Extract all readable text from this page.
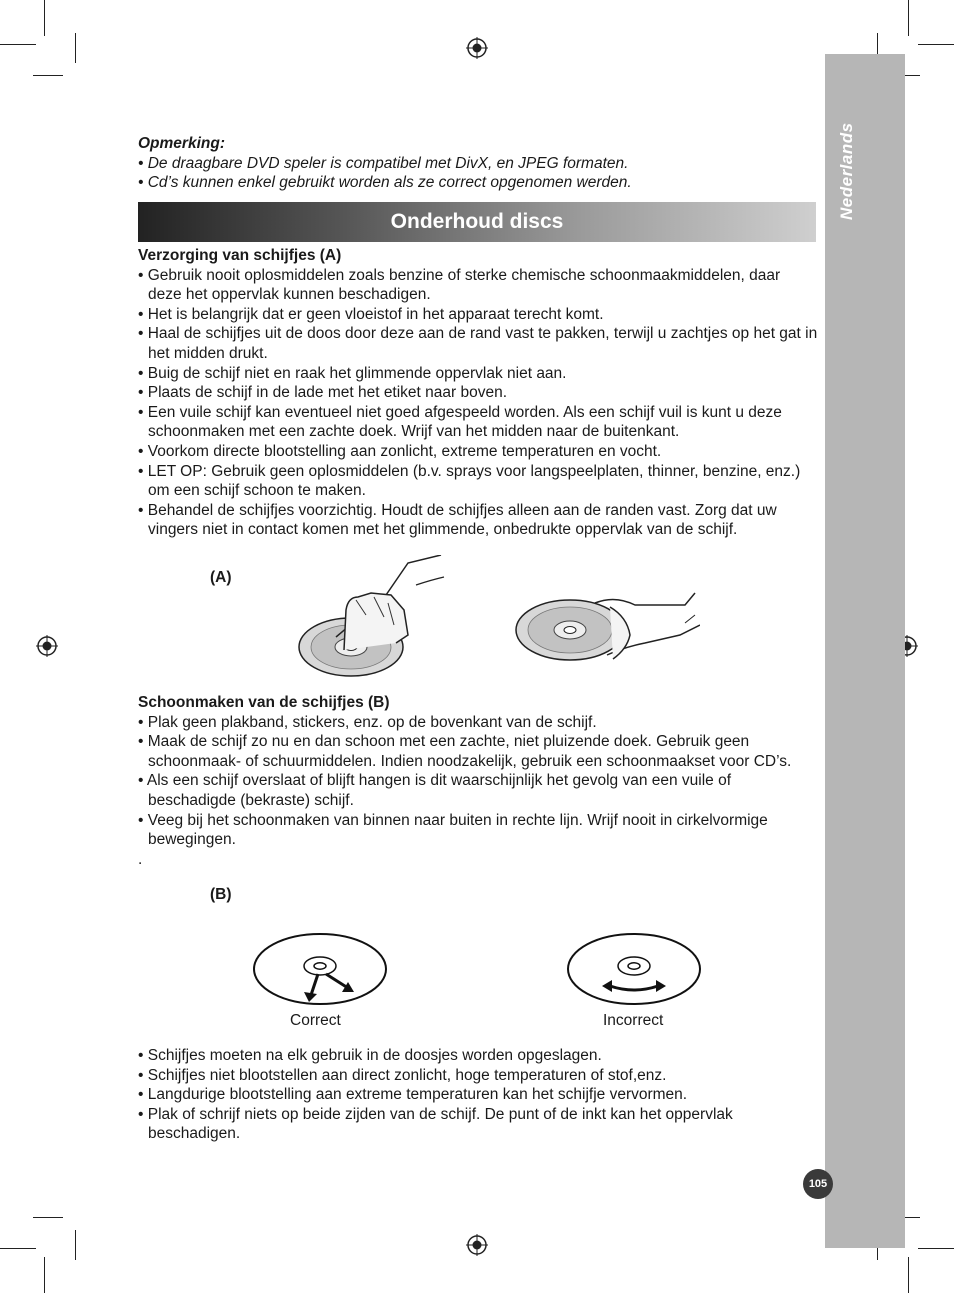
Nederlands
105
Opmerking:
• De draagbare DVD speler is compatibel met DivX, en JPEG formaten.
• Cd’s kunnen enkel gebruikt worden als ze correct opgenomen werden.
Onderhoud discs
Verzorging van schijfjes (A)
• Gebruik nooit oplosmiddelen zoals benzine of sterke chemische schoonmaakmiddelen, daar deze het oppervlak kunnen beschadigen.
• Het is belangrijk dat er geen vloeistof in het apparaat terecht komt.
• Haal de schijfjes uit de doos door deze aan de rand vast te pakken, terwijl u zachtjes op het gat in het midden drukt.
• Buig de schijf niet en raak het glimmende oppervlak niet aan.
• Plaats de schijf in de lade met het etiket naar boven.
• Een vuile schijf kan eventueel niet goed afgespeeld worden. Als een schijf vuil is kunt u deze schoonmaken met een zachte doek. Wrijf van het midden naar de buitenkant.
• Voorkom directe blootstelling aan zonlicht, extreme temperaturen en vocht.
• LET OP: Gebruik geen oplosmiddelen (b.v. sprays voor langspeelplaten, thinner, benzine, enz.) om een schijf schoon te maken.
• Behandel de schijfjes voorzichtig. Houdt de schijfjes alleen aan de randen vast. Zorg dat uw vingers niet in contact komen met het glimmende, onbedrukte oppervlak van de schijf.
(A)
Schoonmaken van de schijfjes (B)
• Plak geen plakband, stickers, enz. op de bovenkant van de schijf.
• Maak de schijf zo nu en dan schoon met een zachte, niet pluizende doek. Gebruik geen schoonmaak- of schuurmiddelen. Indien noodzakelijk, gebruik een schoonmaakset voor CD’s.
• Als een schijf overslaat of blijft hangen is dit waarschijnlijk het gevolg van een vuile of beschadigde (bekraste) schijf.
• Veeg bij het schoonmaken van binnen naar buiten in rechte lijn. Wrijf nooit in cirkelvormige bewegingen.
.
(B)
Correct	Incorrect
• Schijfjes moeten na elk gebruik in de doosjes worden opgeslagen.
• Schijfjes niet blootstellen aan direct zonlicht, hoge temperaturen of stof,enz.
• Langdurige blootstelling aan extreme temperaturen kan het schijfje vervormen.
• Plak of schrijf niets op beide zijden van de schijf. De punt of de inkt kan het oppervlak beschadigen.
